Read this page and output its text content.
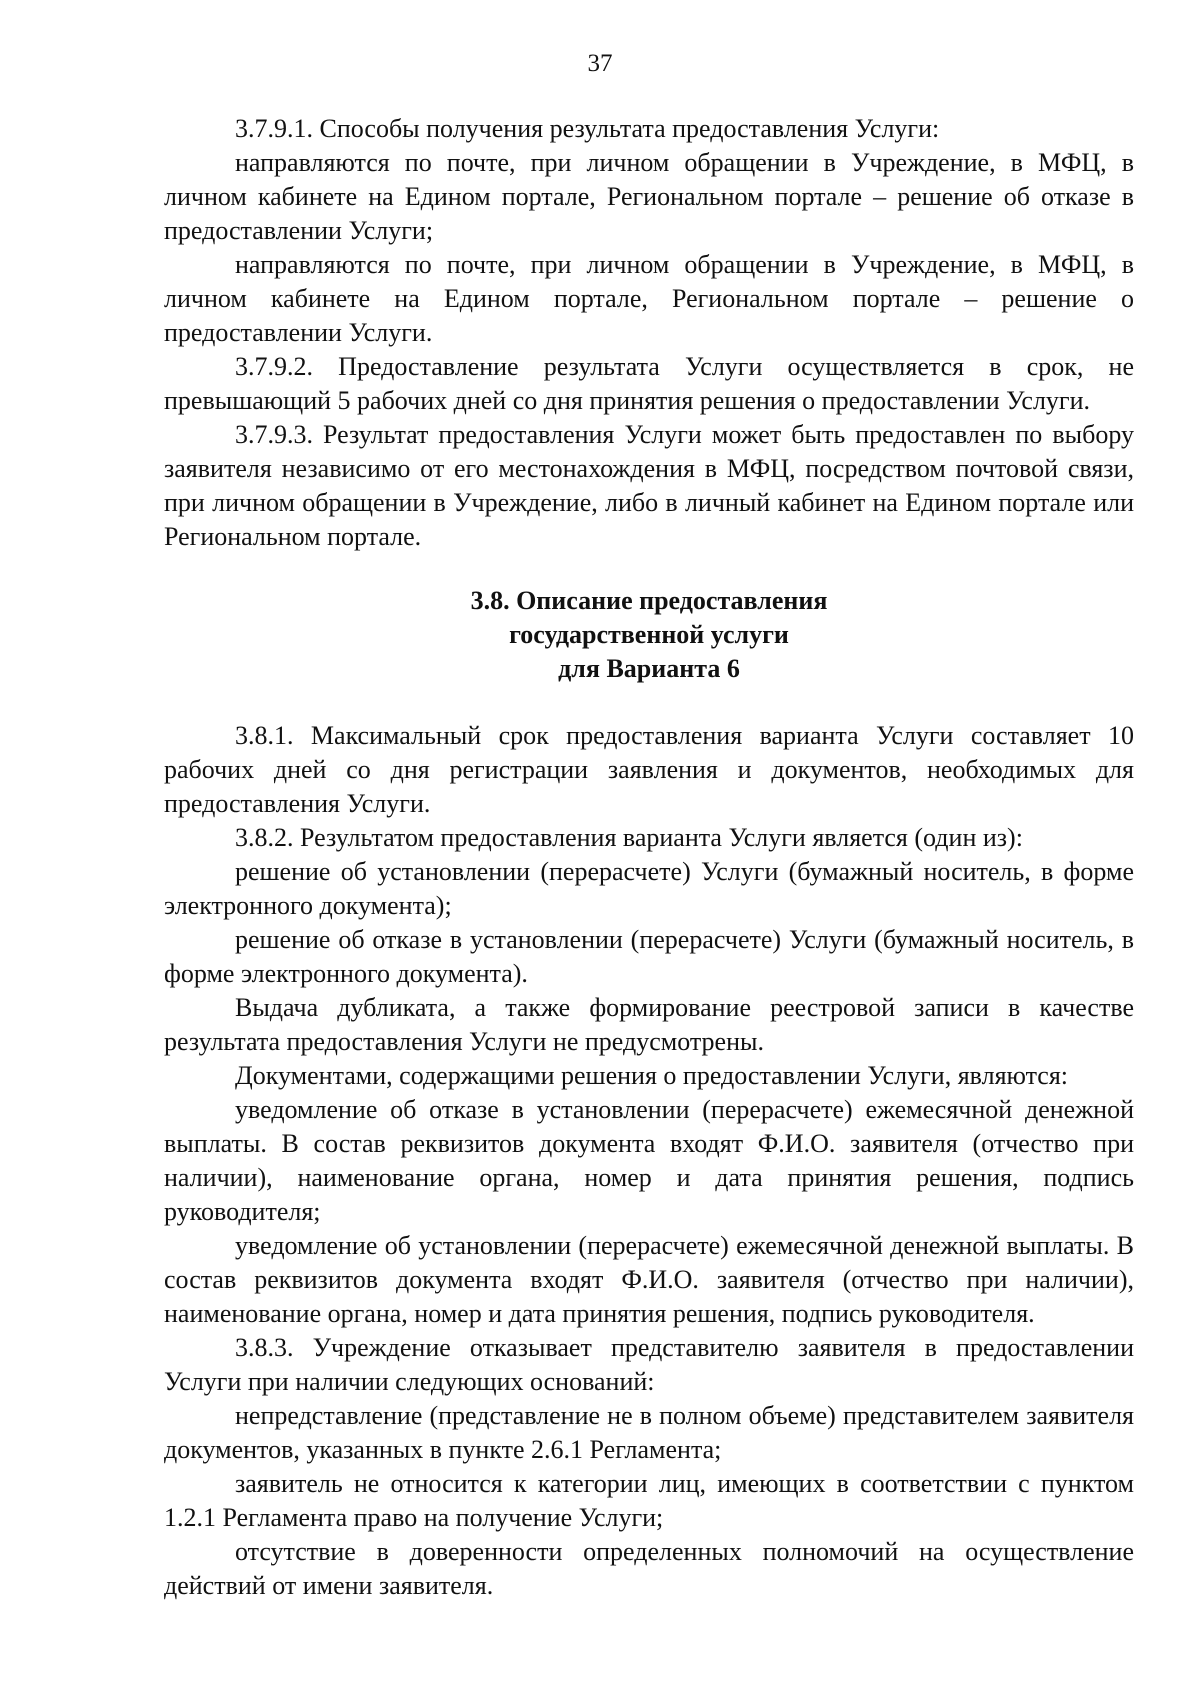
37

3.7.9.1. Способы получения результата предоставления Услуги:

направляются по почте, при личном обращении в Учреждение, в МФЦ, в личном кабинете на Едином портале, Региональном портале – решение об отказе в предоставлении Услуги;

направляются по почте, при личном обращении в Учреждение, в МФЦ, в личном кабинете на Едином портале, Региональном портале – решение о предоставлении Услуги.

3.7.9.2. Предоставление результата Услуги осуществляется в срок, не превышающий 5 рабочих дней со дня принятия решения о предоставлении Услуги.

3.7.9.3. Результат предоставления Услуги может быть предоставлен по выбору заявителя независимо от его местонахождения в МФЦ, посредством почтовой связи, при личном обращении в Учреждение, либо в личный кабинет на Едином портале или Региональном портале.

3.8. Описание предоставления
государственной услуги
для Варианта 6

3.8.1. Максимальный срок предоставления варианта Услуги составляет 10 рабочих дней со дня регистрации заявления и документов, необходимых для предоставления Услуги.

3.8.2. Результатом предоставления варианта Услуги является (один из):

решение об установлении (перерасчете) Услуги (бумажный носитель, в форме электронного документа);

решение об отказе в установлении (перерасчете) Услуги (бумажный носитель, в форме электронного документа).

Выдача дубликата, а также формирование реестровой записи в качестве результата предоставления Услуги не предусмотрены.

Документами, содержащими решения о предоставлении Услуги, являются:

уведомление об отказе в установлении (перерасчете) ежемесячной денежной выплаты. В состав реквизитов документа входят Ф.И.О. заявителя (отчество при наличии), наименование органа, номер и дата принятия решения, подпись руководителя;

уведомление об установлении (перерасчете) ежемесячной денежной выплаты. В состав реквизитов документа входят Ф.И.О. заявителя (отчество при наличии), наименование органа, номер и дата принятия решения, подпись руководителя.

3.8.3. Учреждение отказывает представителю заявителя в предоставлении Услуги при наличии следующих оснований:

непредставление (представление не в полном объеме) представителем заявителя документов, указанных в пункте 2.6.1 Регламента;

заявитель не относится к категории лиц, имеющих в соответствии с пунктом 1.2.1 Регламента право на получение Услуги;

отсутствие в доверенности определенных полномочий на осуществление действий от имени заявителя.
